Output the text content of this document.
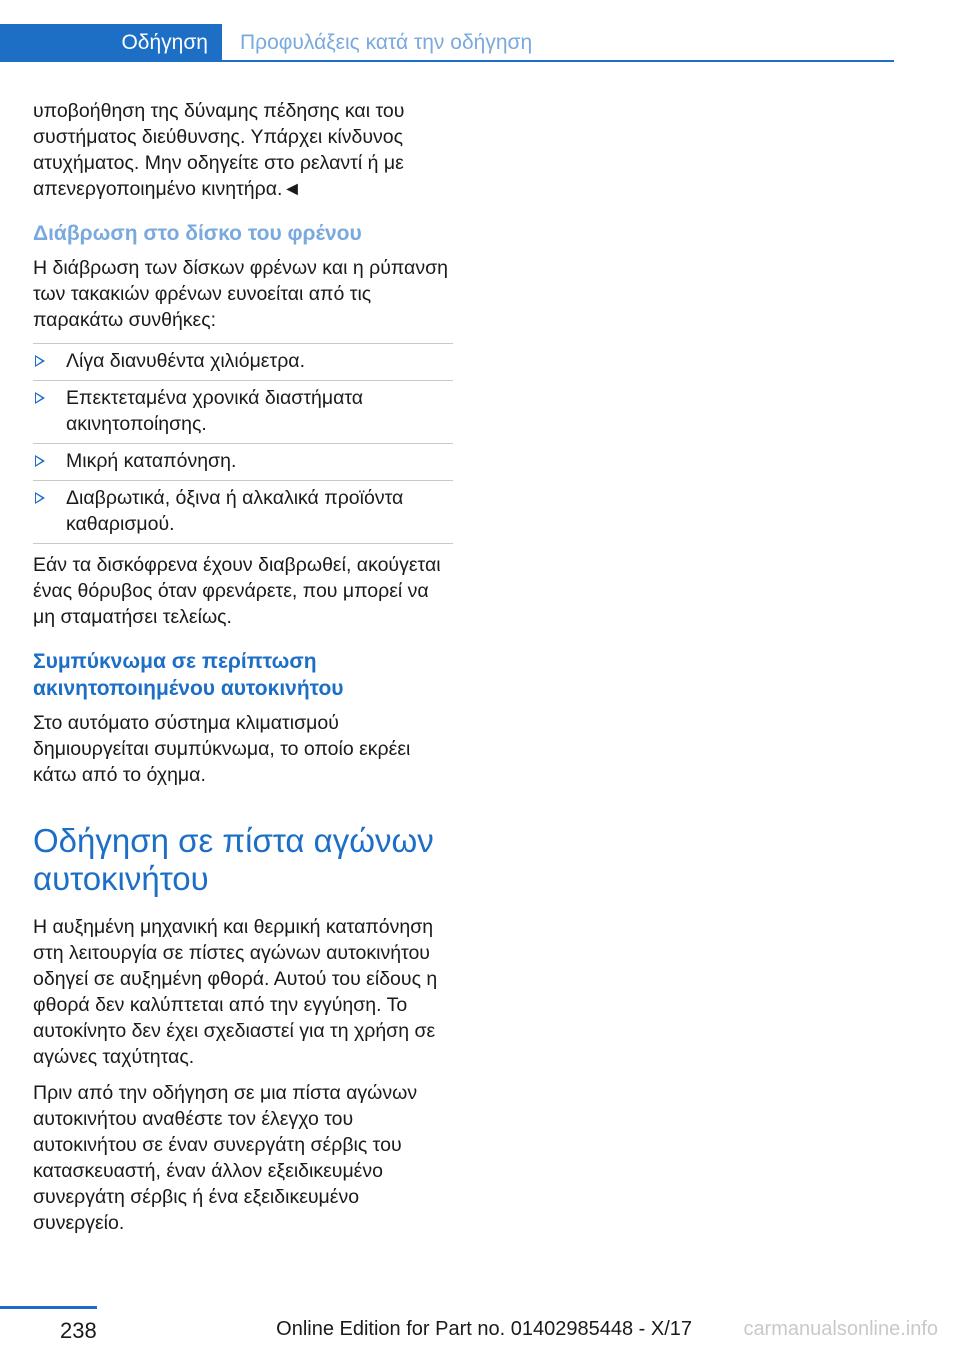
Οδήγηση	Προφυλάξεις κατά την οδήγηση

υποβοήθηση της δύναμης πέδησης και του συστήματος διεύθυνσης. Υπάρχει κίνδυνος ατυχήματος. Μην οδηγείτε στο ρελαντί ή με απενεργοποιημένο κινητήρα.◄

Διάβρωση στο δίσκο του φρένου

Η διάβρωση των δίσκων φρένων και η ρύπανση των τακακιών φρένων ευνοείται από τις παρακάτω συνθήκες:

Λίγα διανυθέντα χιλιόμετρα.
Επεκτεταμένα χρονικά διαστήματα ακινητοποίησης.
Μικρή καταπόνηση.
Διαβρωτικά, όξινα ή αλκαλικά προϊόντα καθαρισμού.

Εάν τα δισκόφρενα έχουν διαβρωθεί, ακούγεται ένας θόρυβος όταν φρενάρετε, που μπορεί να μη σταματήσει τελείως.

Συμπύκνωμα σε περίπτωση ακινητοποιημένου αυτοκινήτου

Στο αυτόματο σύστημα κλιματισμού δημιουργείται συμπύκνωμα, το οποίο εκρέει κάτω από το όχημα.

Οδήγηση σε πίστα αγώνων αυτοκινήτου

Η αυξημένη μηχανική και θερμική καταπόνηση στη λειτουργία σε πίστες αγώνων αυτοκινήτου οδηγεί σε αυξημένη φθορά. Αυτού του είδους η φθορά δεν καλύπτεται από την εγγύηση. Το αυτοκίνητο δεν έχει σχεδιαστεί για τη χρήση σε αγώνες ταχύτητας.

Πριν από την οδήγηση σε μια πίστα αγώνων αυτοκινήτου αναθέστε τον έλεγχο του αυτοκινήτου σε έναν συνεργάτη σέρβις του κατασκευαστή, έναν άλλον εξειδικευμένο συνεργάτη σέρβις ή ένα εξειδικευμένο συνεργείο.

238	Online Edition for Part no. 01402985448 - X/17	carmanualsonline.info
